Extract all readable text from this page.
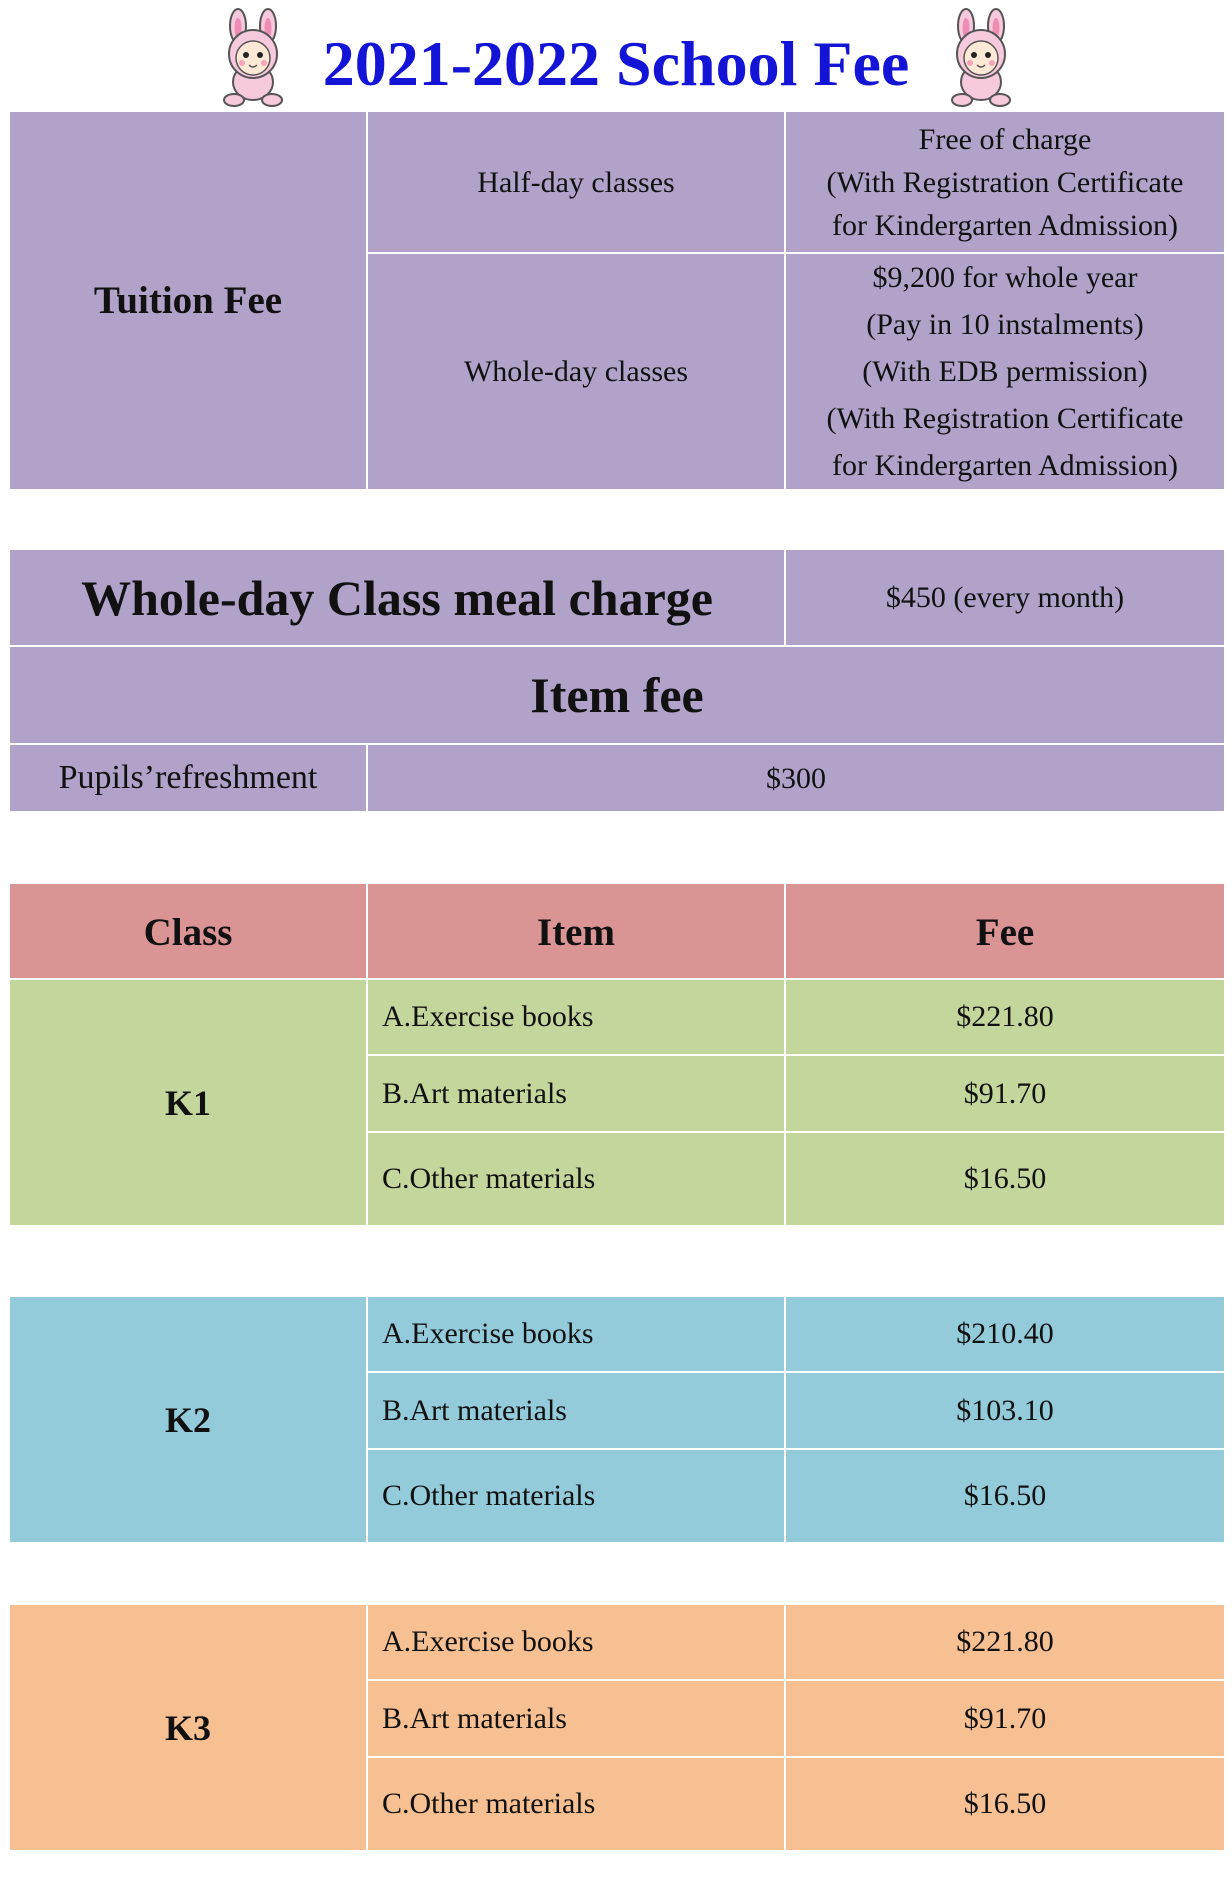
2021-2022 School Fee
Tuition Fee	Half-day classes	Free of charge
(With Registration Certificate
for Kindergarten Admission)

	Whole-day classes	$9,200 for whole year
(Pay in 10 instalments)
(With EDB permission)
(With Registration Certificate
for Kindergarten Admission)
Whole-day Class meal charge		$450 (every month)
Item fee		
Pupils’refreshment	$300	
Class	Item	Fee
K1	A.Exercise books	$221.80
	B.Art materials	$91.70
	C.Other materials	$16.50
K2	A.Exercise books	$210.40
	B.Art materials	$103.10
	C.Other materials	$16.50
K3	A.Exercise books	$221.80
	B.Art materials	$91.70
	C.Other materials	$16.50
